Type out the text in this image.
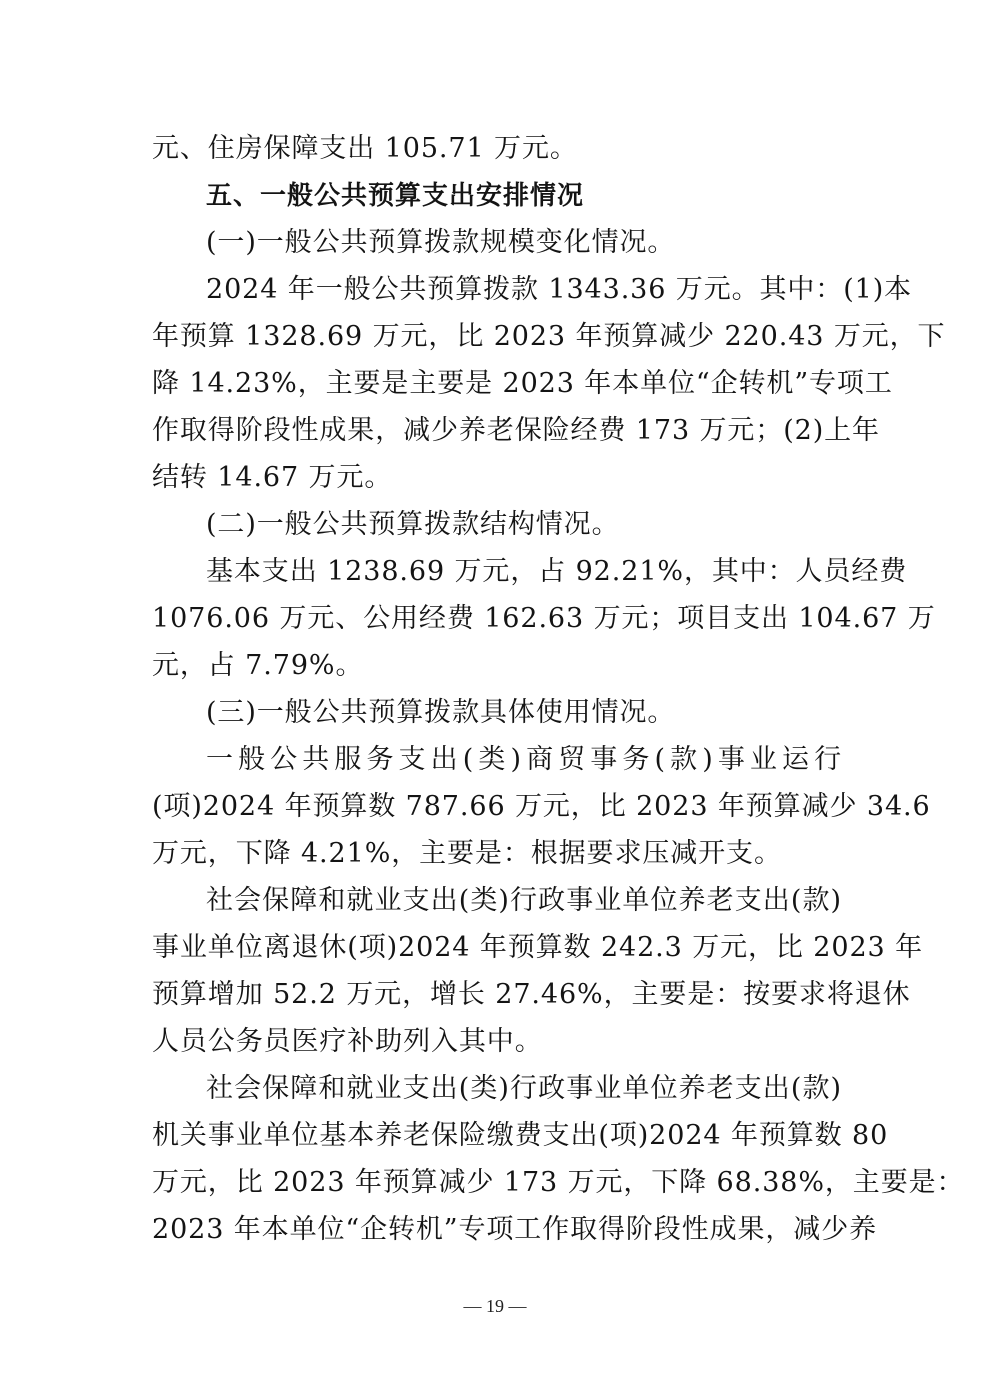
元、住房保障支出 105.71 万元。
五、一般公共预算支出安排情况
(一)一般公共预算拨款规模变化情况。
2024 年一般公共预算拨款 1343.36 万元。其中：(1)本
年预算 1328.69 万元，比 2023 年预算减少 220.43 万元，下
降 14.23%，主要是主要是 2023 年本单位“企转机”专项工
作取得阶段性成果，减少养老保险经费 173 万元；(2)上年
结转 14.67 万元。
(二)一般公共预算拨款结构情况。
基本支出 1238.69 万元，占 92.21%，其中：人员经费
1076.06 万元、公用经费 162.63 万元；项目支出 104.67 万
元，占 7.79%。
(三)一般公共预算拨款具体使用情况。
一般公共服务支出(类)商贸事务(款)事业运行
(项)2024 年预算数 787.66 万元，比 2023 年预算减少 34.6
万元，下降 4.21%，主要是：根据要求压减开支。
社会保障和就业支出(类)行政事业单位养老支出(款)
事业单位离退休(项)2024 年预算数 242.3 万元，比 2023 年
预算增加 52.2 万元，增长 27.46%，主要是：按要求将退休
人员公务员医疗补助列入其中。
社会保障和就业支出(类)行政事业单位养老支出(款)
机关事业单位基本养老保险缴费支出(项)2024 年预算数 80
万元，比 2023 年预算减少 173 万元，下降 68.38%，主要是：
2023 年本单位“企转机”专项工作取得阶段性成果，减少养
— 19 —
